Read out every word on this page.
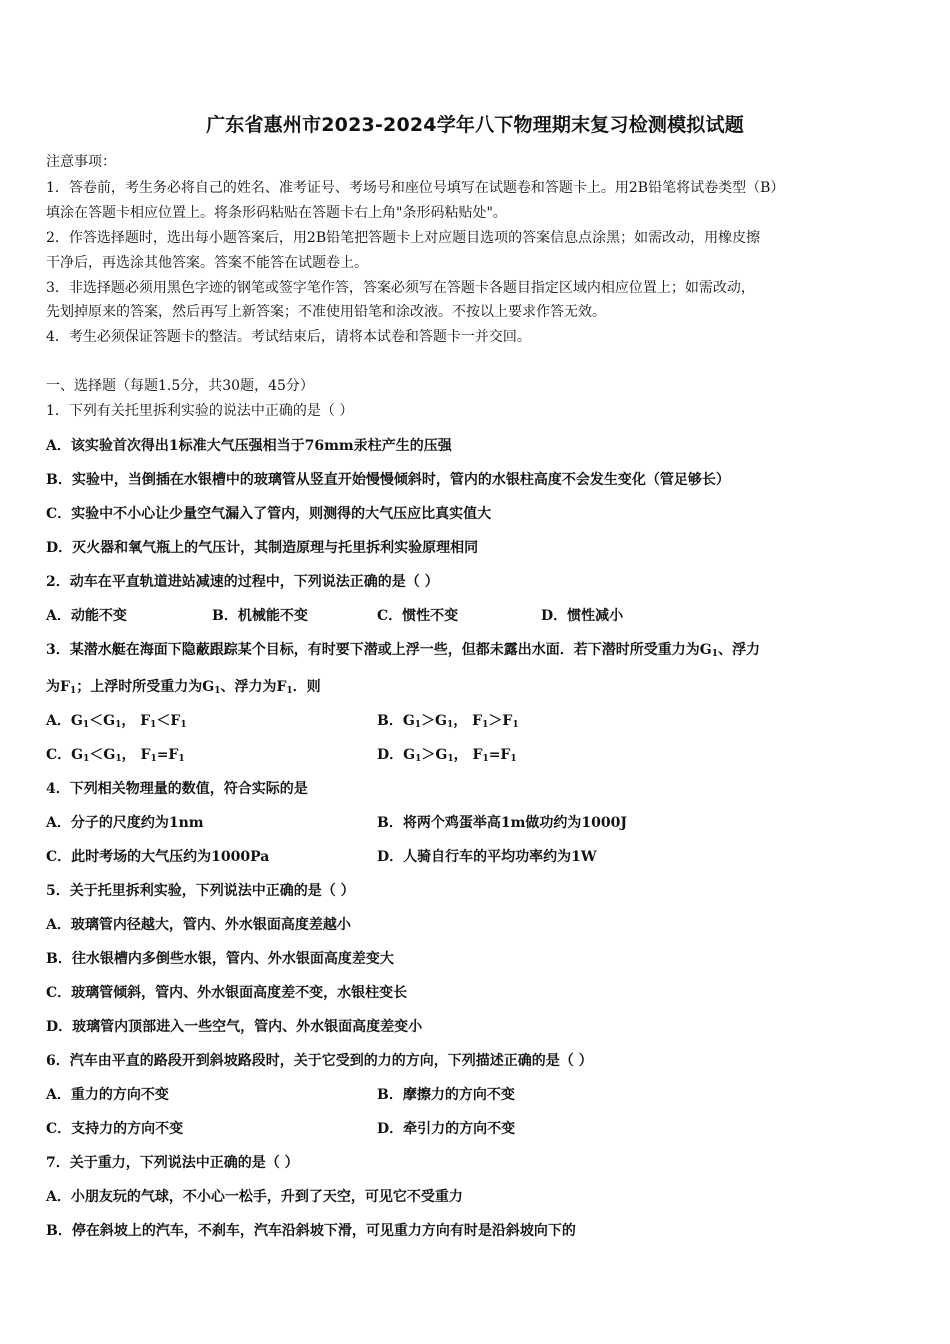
广东省惠州市2023-2024学年八下物理期末复习检测模拟试题
注意事项：
1．答卷前，考生务必将自己的姓名、准考证号、考场号和座位号填写在试题卷和答题卡上。用2B铅笔将试卷类型（B）
填涂在答题卡相应位置上。将条形码粘贴在答题卡右上角"条形码粘贴处"。
2．作答选择题时，选出每小题答案后，用2B铅笔把答题卡上对应题目选项的答案信息点涂黑；如需改动，用橡皮擦
干净后，再选涂其他答案。答案不能答在试题卷上。
3．非选择题必须用黑色字迹的钢笔或签字笔作答，答案必须写在答题卡各题目指定区域内相应位置上；如需改动，
先划掉原来的答案，然后再写上新答案；不准使用铅笔和涂改液。不按以上要求作答无效。
4．考生必须保证答题卡的整洁。考试结束后，请将本试卷和答题卡一并交回。
一、选择题（每题1.5分，共30题，45分）
1．下列有关托里拆利实验的说法中正确的是（ ）
A．该实验首次得出1标准大气压强相当于76mm汞柱产生的压强
B．实验中，当倒插在水银槽中的玻璃管从竖直开始慢慢倾斜时，管内的水银柱高度不会发生变化（管足够长）
C．实验中不小心让少量空气漏入了管内，则测得的大气压应比真实值大
D．灭火器和氧气瓶上的气压计，其制造原理与托里拆利实验原理相同
2．动车在平直轨道进站减速的过程中，下列说法正确的是（ ）
A．动能不变	B．机械能不变	C．惯性不变	D．惯性减小
3．某潜水艇在海面下隐蔽跟踪某个目标，有时要下潜或上浮一些，但都未露出水面．若下潜时所受重力为$G_1$、浮力
为$F_1$；上浮时所受重力为$G_1$、浮力为$F_1$．则
A．$G_1<G_1$， $F_1<F_1$	B．$G_1>G_1$， $F_1>F_1$
C．$G_1<G_1$， $F_1=F_1$	D．$G_1>G_1$， $F_1=F_1$
4．下列相关物理量的数值，符合实际的是
A．分子的尺度约为1nm	B．将两个鸡蛋举高1m做功约为1000J
C．此时考场的大气压约为1000Pa	D．人骑自行车的平均功率约为1W
5．关于托里拆利实验，下列说法中正确的是（ ）
A．玻璃管内径越大，管内、外水银面高度差越小
B．往水银槽内多倒些水银，管内、外水银面高度差变大
C．玻璃管倾斜，管内、外水银面高度差不变，水银柱变长
D．玻璃管内顶部进入一些空气，管内、外水银面高度差变小
6．汽车由平直的路段开到斜坡路段时，关于它受到的力的方向，下列描述正确的是（ ）
A．重力的方向不变	B．摩擦力的方向不变
C．支持力的方向不变	D．牵引力的方向不变
7．关于重力，下列说法中正确的是（ ）
A．小朋友玩的气球，不小心一松手，升到了天空，可见它不受重力
B．停在斜坡上的汽车，不刹车，汽车沿斜坡下滑，可见重力方向有时是沿斜坡向下的
